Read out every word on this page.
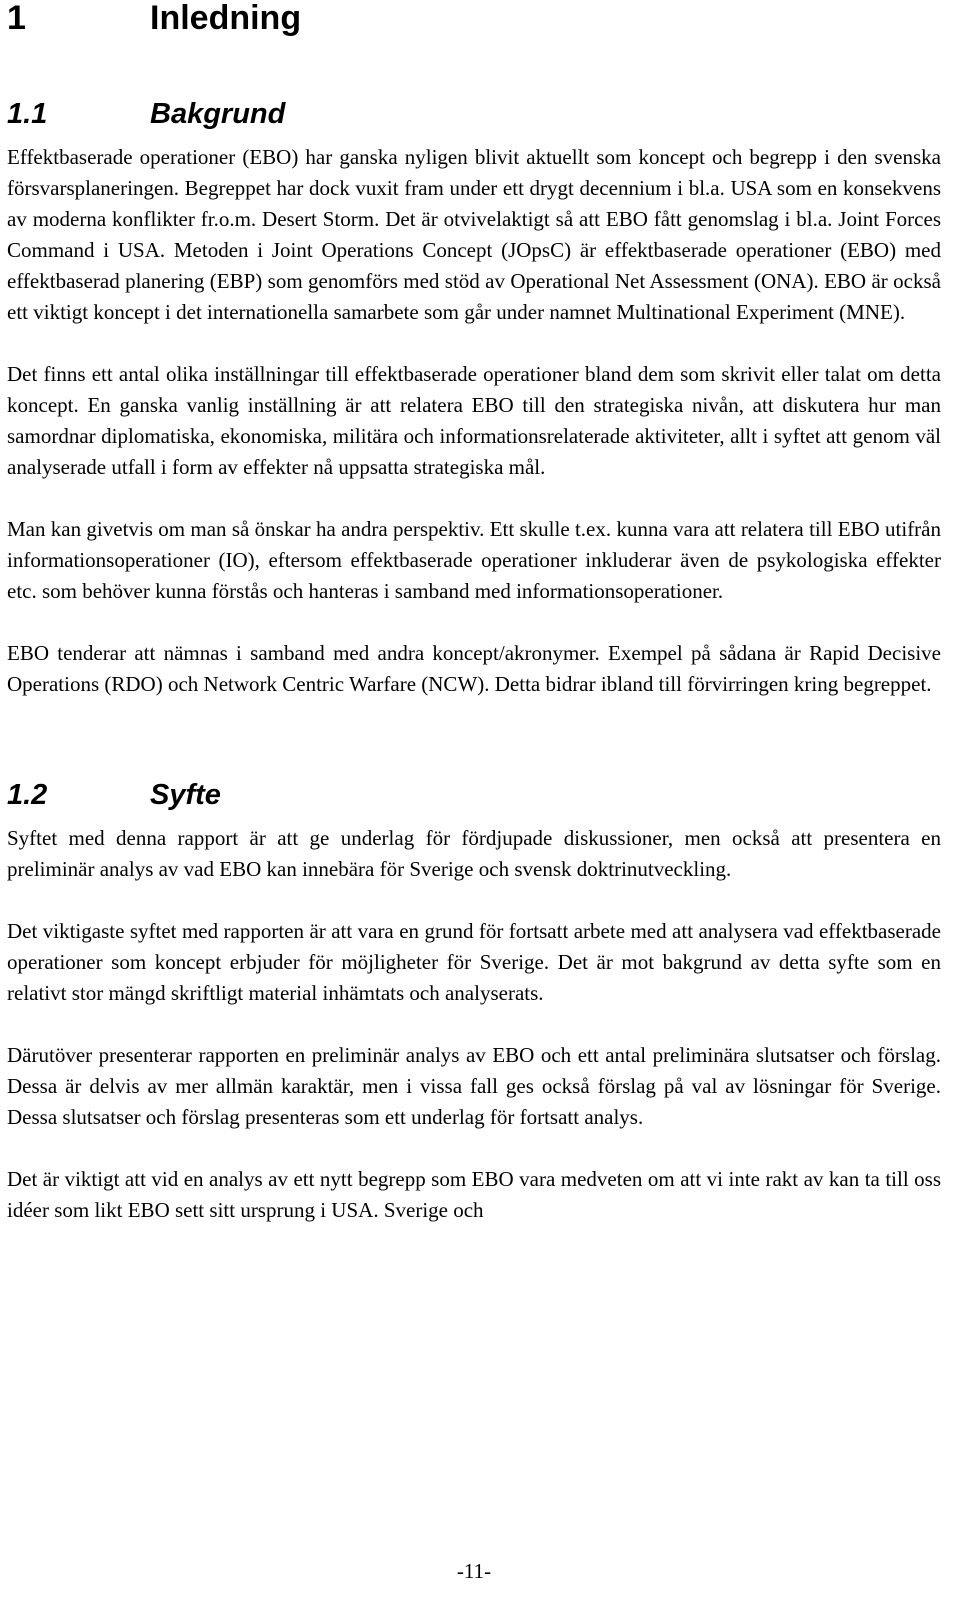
1	Inledning
1.1	Bakgrund

Effektbaserade operationer (EBO) har ganska nyligen blivit aktuellt som koncept och begrepp i den svenska försvarsplaneringen. Begreppet har dock vuxit fram under ett drygt decennium i bl.a. USA som en konsekvens av moderna konflikter fr.o.m. Desert Storm. Det är otvivelaktigt så att EBO fått genomslag i bl.a. Joint Forces Command i USA. Metoden i Joint Operations Concept (JOpsC) är effektbaserade operationer (EBO) med effektbaserad planering (EBP) som genomförs med stöd av Operational Net Assessment (ONA). EBO är också ett viktigt koncept i det internationella samarbete som går under namnet Multinational Experiment (MNE).

Det finns ett antal olika inställningar till effektbaserade operationer bland dem som skrivit eller talat om detta koncept. En ganska vanlig inställning är att relatera EBO till den strategiska nivån, att diskutera hur man samordnar diplomatiska, ekonomiska, militära och informationsrelaterade aktiviteter, allt i syftet att genom väl analyserade utfall i form av effekter nå uppsatta strategiska mål.

Man kan givetvis om man så önskar ha andra perspektiv. Ett skulle t.ex. kunna vara att relatera till EBO utifrån informationsoperationer (IO), eftersom effektbaserade operationer inkluderar även de psykologiska effekter etc. som behöver kunna förstås och hanteras i samband med informationsoperationer.

EBO tenderar att nämnas i samband med andra koncept/akronymer. Exempel på sådana är Rapid Decisive Operations (RDO) och Network Centric Warfare (NCW). Detta bidrar ibland till förvirringen kring begreppet.

1.2	Syfte

Syftet med denna rapport är att ge underlag för fördjupade diskussioner, men också att presentera en preliminär analys av vad EBO kan innebära för Sverige och svensk doktrinutveckling.

Det viktigaste syftet med rapporten är att vara en grund för fortsatt arbete med att analysera vad effektbaserade operationer som koncept erbjuder för möjligheter för Sverige. Det är mot bakgrund av detta syfte som en relativt stor mängd skriftligt material inhämtats och analyserats.

Därutöver presenterar rapporten en preliminär analys av EBO och ett antal preliminära slutsatser och förslag. Dessa är delvis av mer allmän karaktär, men i vissa fall ges också förslag på val av lösningar för Sverige. Dessa slutsatser och förslag presenteras som ett underlag för fortsatt analys.

Det är viktigt att vid en analys av ett nytt begrepp som EBO vara medveten om att vi inte rakt av kan ta till oss idéer som likt EBO sett sitt ursprung i USA. Sverige och

-11-
